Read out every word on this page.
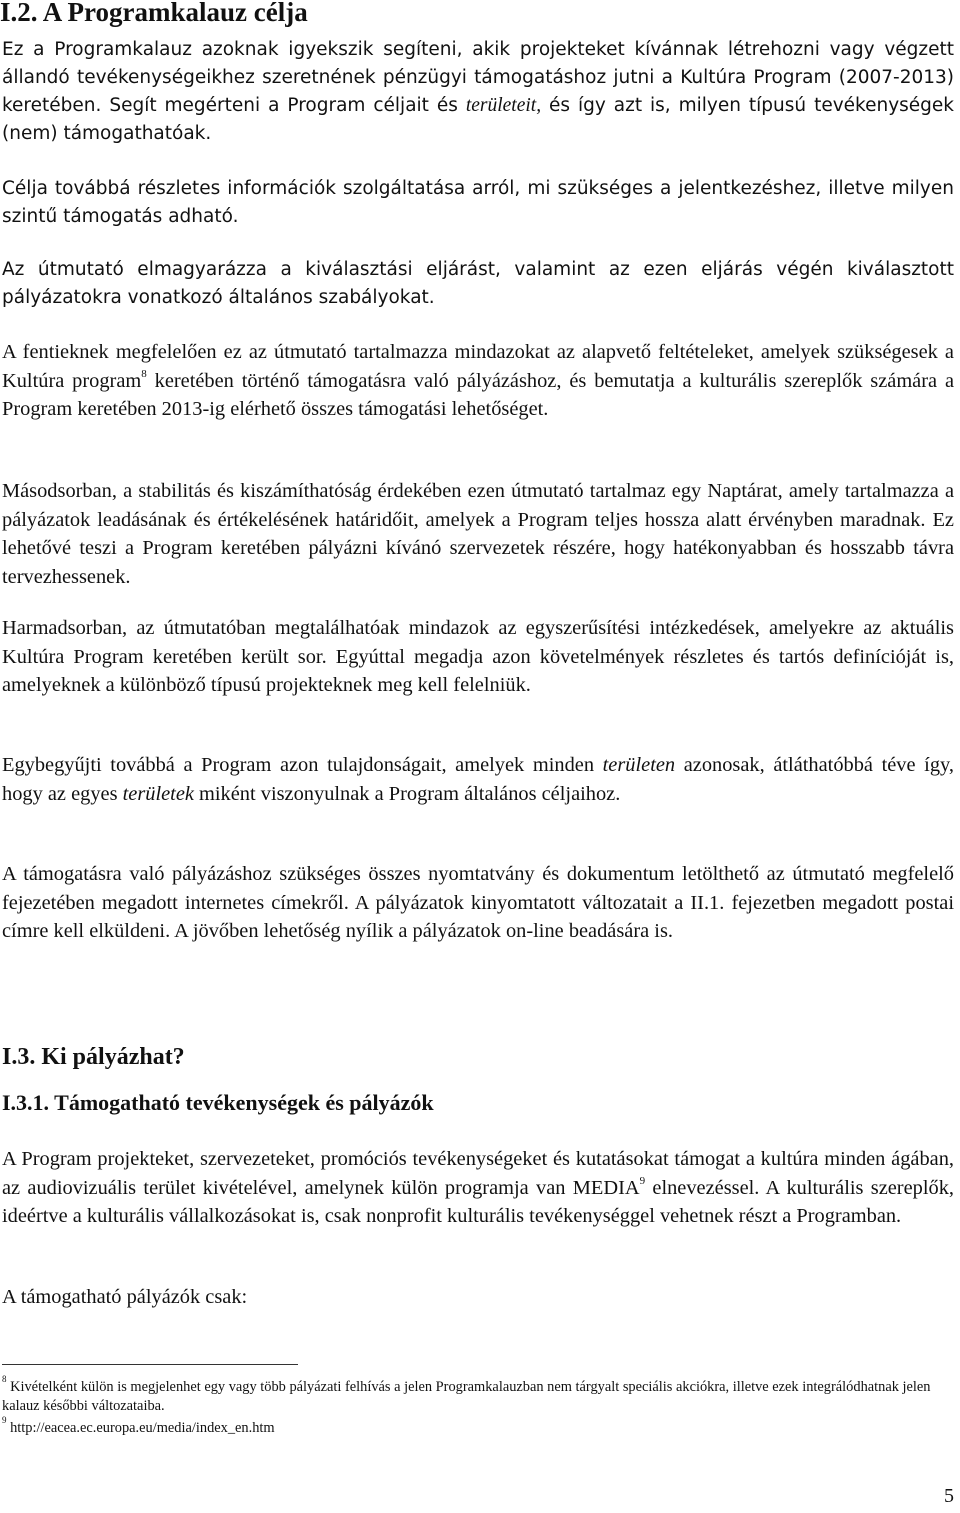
I.2. A Programkalauz célja

Ez a Programkalauz azoknak igyekszik segíteni, akik projekteket kívánnak létrehozni vagy végzett állandó tevékenységeikhez szeretnének pénzügyi támogatáshoz jutni a Kultúra Program (2007-2013) keretében. Segít megérteni a Program céljait és területeit, és így azt is, milyen típusú tevékenységek (nem) támogathatóak.

Célja továbbá részletes információk szolgáltatása arról, mi szükséges a jelentkezéshez, illetve milyen szintű támogatás adható.

Az útmutató elmagyarázza a kiválasztási eljárást, valamint az ezen eljárás végén kiválasztott pályázatokra vonatkozó általános szabályokat.

A fentieknek megfelelően ez az útmutató tartalmazza mindazokat az alapvető feltételeket, amelyek szükségesek a Kultúra program$^8$ keretében történő támogatásra való pályázáshoz, és bemutatja a kulturális szereplők számára a Program keretében 2013-ig elérhető összes támogatási lehetőséget.

Másodsorban, a stabilitás és kiszámíthatóság érdekében ezen útmutató tartalmaz egy Naptárat, amely tartalmazza a pályázatok leadásának és értékelésének határidőit, amelyek a Program teljes hossza alatt érvényben maradnak. Ez lehetővé teszi a Program keretében pályázni kívánó szervezetek részére, hogy hatékonyabban és hosszabb távra tervezhessenek.

Harmadsorban, az útmutatóban megtalálhatóak mindazok az egyszerűsítési intézkedések, amelyekre az aktuális Kultúra Program keretében került sor. Egyúttal megadja azon követelmények részletes és tartós definícióját is, amelyeknek a különböző típusú projekteknek meg kell felelniük.

Egybegyűjti továbbá a Program azon tulajdonságait, amelyek minden területen azonosak, átláthatóbbá téve így, hogy az egyes területek miként viszonyulnak a Program általános céljaihoz.

A támogatásra való pályázáshoz szükséges összes nyomtatvány és dokumentum letölthető az útmutató megfelelő fejezetében megadott internetes címekről. A pályázatok kinyomtatott változatait a II.1. fejezetben megadott postai címre kell elküldeni. A jövőben lehetőség nyílik a pályázatok on-line beadására is.

I.3. Ki pályázhat?
I.3.1. Támogatható tevékenységek és pályázók

A Program projekteket, szervezeteket, promóciós tevékenységeket és kutatásokat támogat a kultúra minden ágában, az audiovizuális terület kivételével, amelynek külön programja van MEDIA$^9$ elnevezéssel. A kulturális szereplők, ideértve a kulturális vállalkozásokat is, csak nonprofit kulturális tevékenységgel vehetnek részt a Programban.

A támogatható pályázók csak:

$^8$ Kivételként külön is megjelenhet egy vagy több pályázati felhívás a jelen Programkalauzban nem tárgyalt speciális akciókra, illetve ezek integrálódhatnak jelen kalauz későbbi változataiba.

$^9$ http://eacea.ec.europa.eu/media/index_en.htm

5
